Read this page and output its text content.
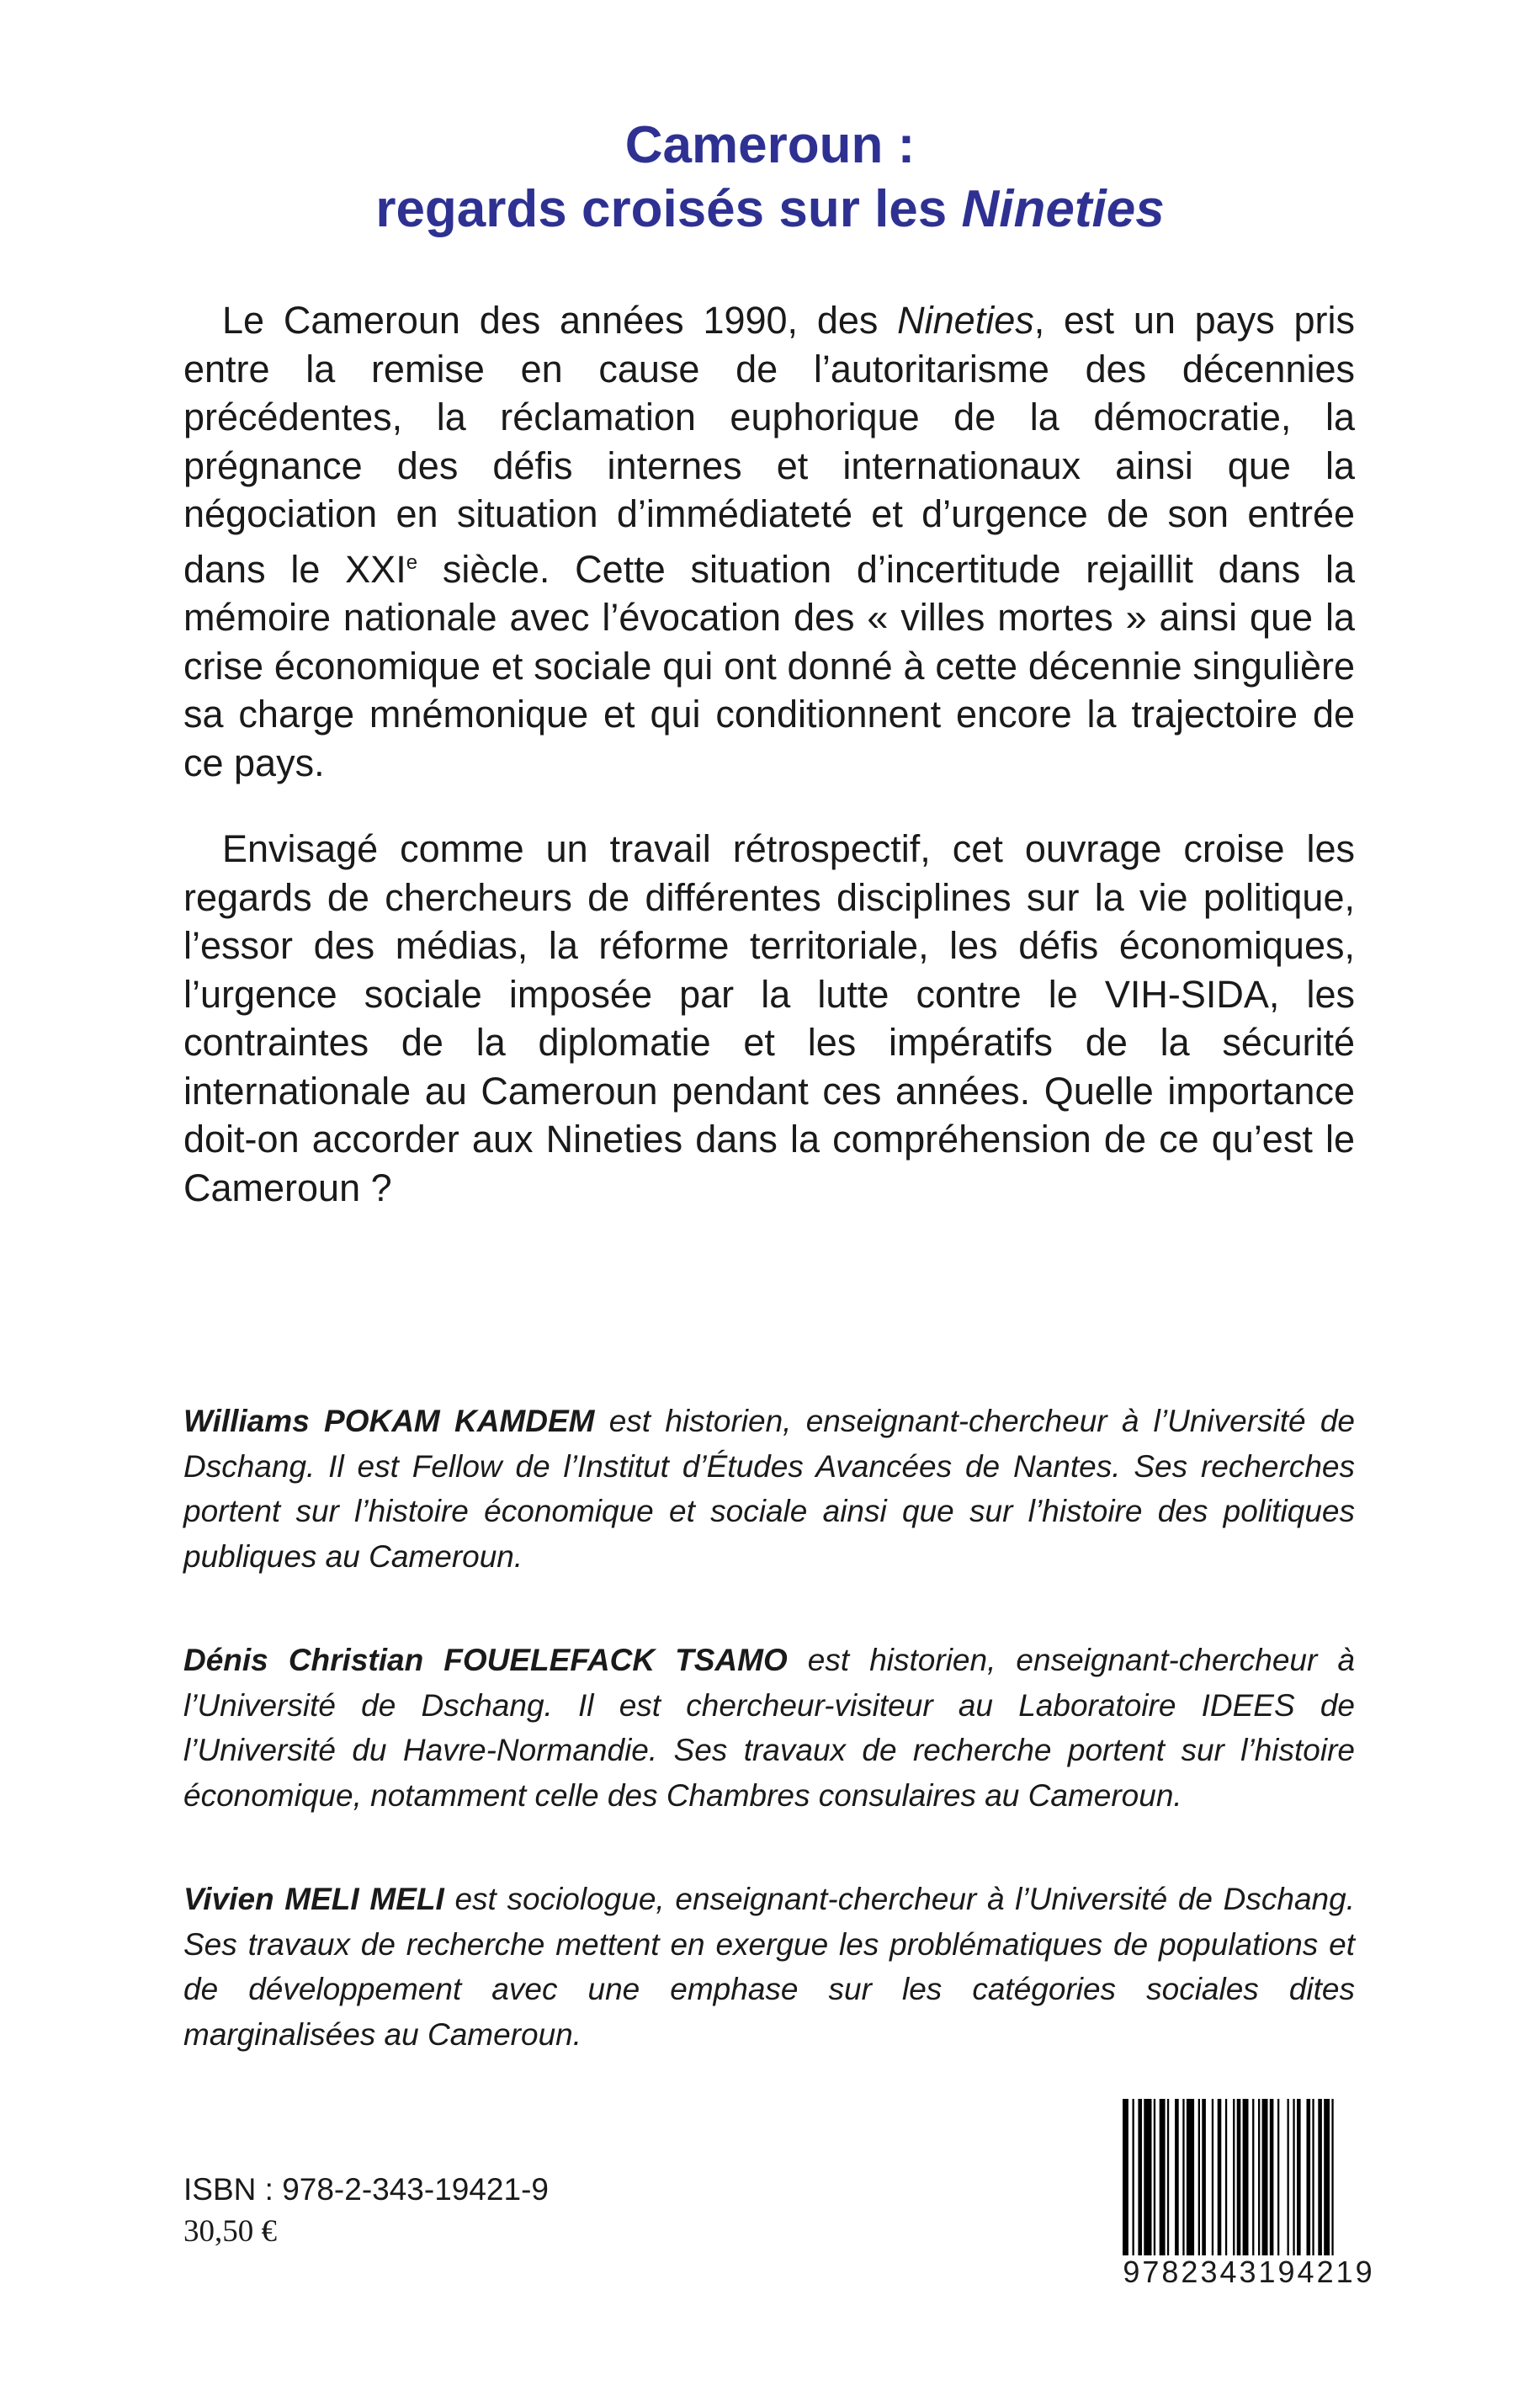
Cameroun :
regards croisés sur les Nineties

Le Cameroun des années 1990, des Nineties, est un pays pris entre la remise en cause de l’autoritarisme des décennies précédentes, la réclamation euphorique de la démocratie, la prégnance des défis internes et internationaux ainsi que la négociation en situation d’immédiateté et d’urgence de son entrée dans le XXIe siècle. Cette situation d’incertitude rejaillit dans la mémoire nationale avec l’évocation des « villes mortes » ainsi que la crise économique et sociale qui ont donné à cette décennie singulière sa charge mnémonique et qui conditionnent encore la trajectoire de ce pays.

Envisagé comme un travail rétrospectif, cet ouvrage croise les regards de chercheurs de différentes disciplines sur la vie politique, l’essor des médias, la réforme territoriale, les défis économiques, l’urgence sociale imposée par la lutte contre le VIH-SIDA, les contraintes de la diplomatie et les impératifs de la sécurité internationale au Cameroun pendant ces années. Quelle importance doit-on accorder aux Nineties dans la compréhension de ce qu’est le Cameroun ?

Williams POKAM KAMDEM est historien, enseignant-chercheur à l’Université de Dschang. Il est Fellow de l’Institut d’Études Avancées de Nantes. Ses recherches portent sur l’histoire économique et sociale ainsi que sur l’histoire des politiques publiques au Cameroun.

Dénis Christian FOUELEFACK TSAMO est historien, enseignant-chercheur à l’Université de Dschang. Il est chercheur-visiteur au Laboratoire IDEES de l’Université du Havre-Normandie. Ses travaux de recherche portent sur l’histoire économique, notamment celle des Chambres consulaires au Cameroun.

Vivien MELI MELI est sociologue, enseignant-chercheur à l’Université de Dschang. Ses travaux de recherche mettent en exergue les problématiques de populations et de développement avec une emphase sur les catégories sociales dites marginalisées au Cameroun.

ISBN : 978-2-343-19421-9
30,50 €
9782343194219
